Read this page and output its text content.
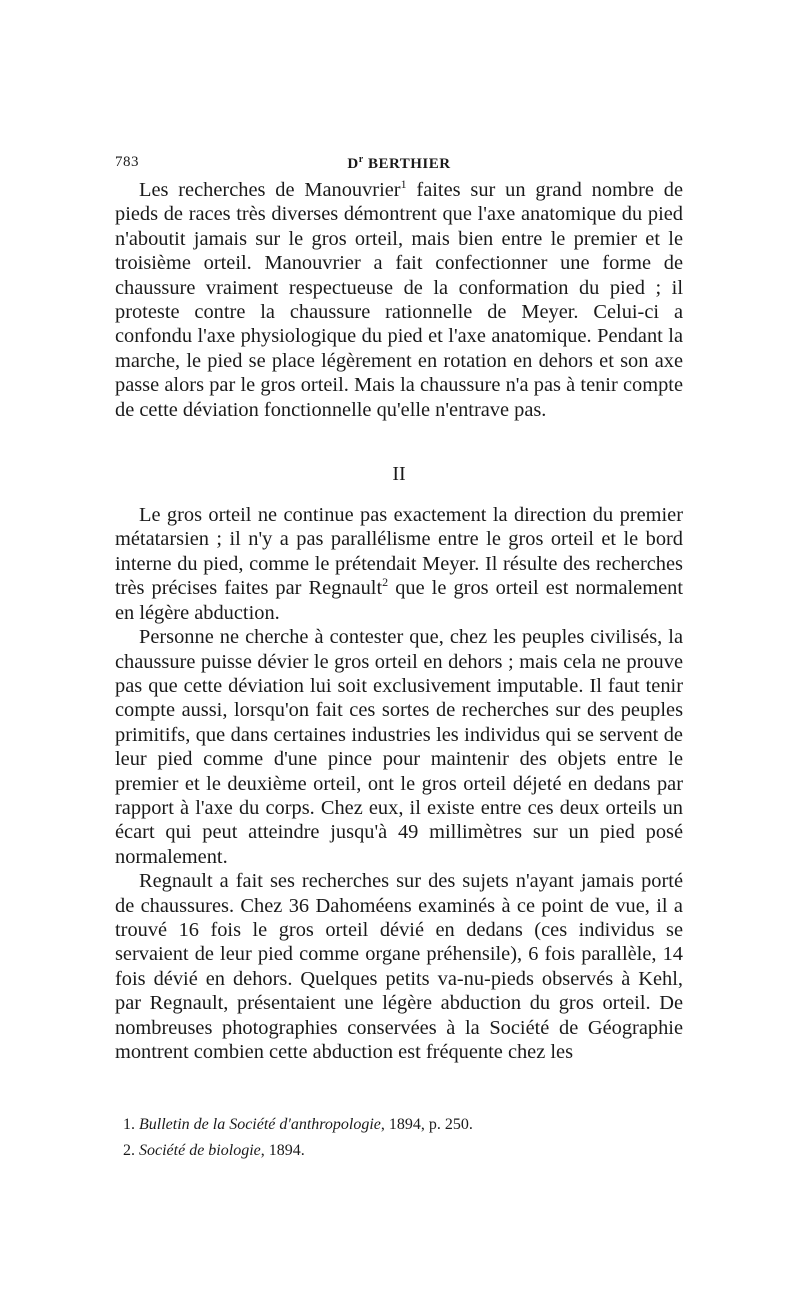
783	$D^r$ BERTHIER

Les recherches de Manouvrier$^1$ faites sur un grand nombre de pieds de races très diverses démontrent que l'axe anatomique du pied n'aboutit jamais sur le gros orteil, mais bien entre le premier et le troisième orteil. Manouvrier a fait confectionner une forme de chaussure vraiment respectueuse de la conformation du pied ; il proteste contre la chaussure rationnelle de Meyer. Celui-ci a confondu l'axe physiologique du pied et l'axe anatomique. Pendant la marche, le pied se place légèrement en rotation en dehors et son axe passe alors par le gros orteil. Mais la chaussure n'a pas à tenir compte de cette déviation fonctionnelle qu'elle n'entrave pas.

II

Le gros orteil ne continue pas exactement la direction du premier métatarsien ; il n'y a pas parallélisme entre le gros orteil et le bord interne du pied, comme le prétendait Meyer. Il résulte des recherches très précises faites par Regnault$^2$ que le gros orteil est normalement en légère abduction.

Personne ne cherche à contester que, chez les peuples civilisés, la chaussure puisse dévier le gros orteil en dehors ; mais cela ne prouve pas que cette déviation lui soit exclusivement imputable. Il faut tenir compte aussi, lorsqu'on fait ces sortes de recherches sur des peuples primitifs, que dans certaines industries les individus qui se servent de leur pied comme d'une pince pour maintenir des objets entre le premier et le deuxième orteil, ont le gros orteil déjeté en dedans par rapport à l'axe du corps. Chez eux, il existe entre ces deux orteils un écart qui peut atteindre jusqu'à 49 millimètres sur un pied posé normalement.

Regnault a fait ses recherches sur des sujets n'ayant jamais porté de chaussures. Chez 36 Dahoméens examinés à ce point de vue, il a trouvé 16 fois le gros orteil dévié en dedans (ces individus se servaient de leur pied comme organe préhensile), 6 fois parallèle, 14 fois dévié en dehors. Quelques petits va-nu-pieds observés à Kehl, par Regnault, présentaient une légère abduction du gros orteil. De nombreuses photographies conservées à la Société de Géographie montrent combien cette abduction est fréquente chez les

1. Bulletin de la Société d'anthropologie, 1894, p. 250.
2. Société de biologie, 1894.
